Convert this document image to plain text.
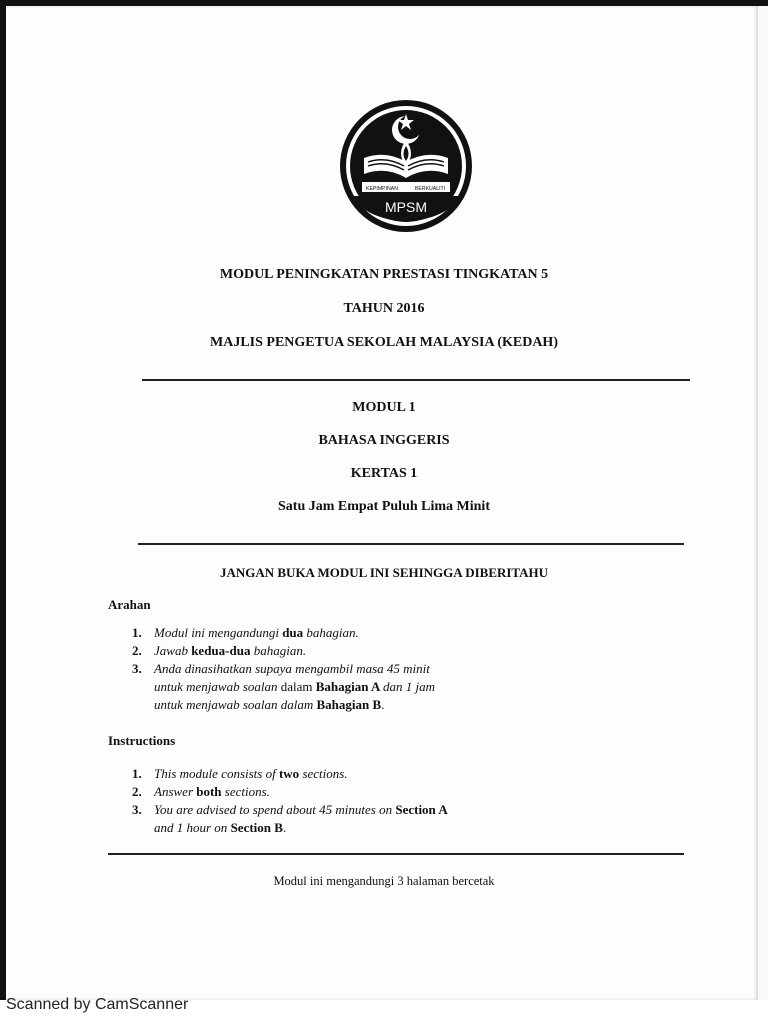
KEPIMPINAN	BERKUALITI
MPSM
MODUL PENINGKATAN PRESTASI TINGKATAN 5
TAHUN 2016
MAJLIS PENGETUA SEKOLAH MALAYSIA (KEDAH)
MODUL 1
BAHASA INGGERIS
KERTAS 1
Satu Jam Empat Puluh Lima Minit
JANGAN BUKA MODUL INI SEHINGGA DIBERITAHU
Arahan
1. Modul ini mengandungi dua bahagian.
2. Jawab kedua-dua bahagian.
3. Anda dinasihatkan supaya mengambil masa 45 minit
untuk menjawab soalan dalam Bahagian A dan 1 jam
untuk menjawab soalan dalam Bahagian B.
Instructions
1. This module consists of two sections.
2. Answer both sections.
3. You are advised to spend about 45 minutes on Section A
and 1 hour on Section B.
Modul ini mengandungi 3 halaman bercetak
Scanned by CamScanner
